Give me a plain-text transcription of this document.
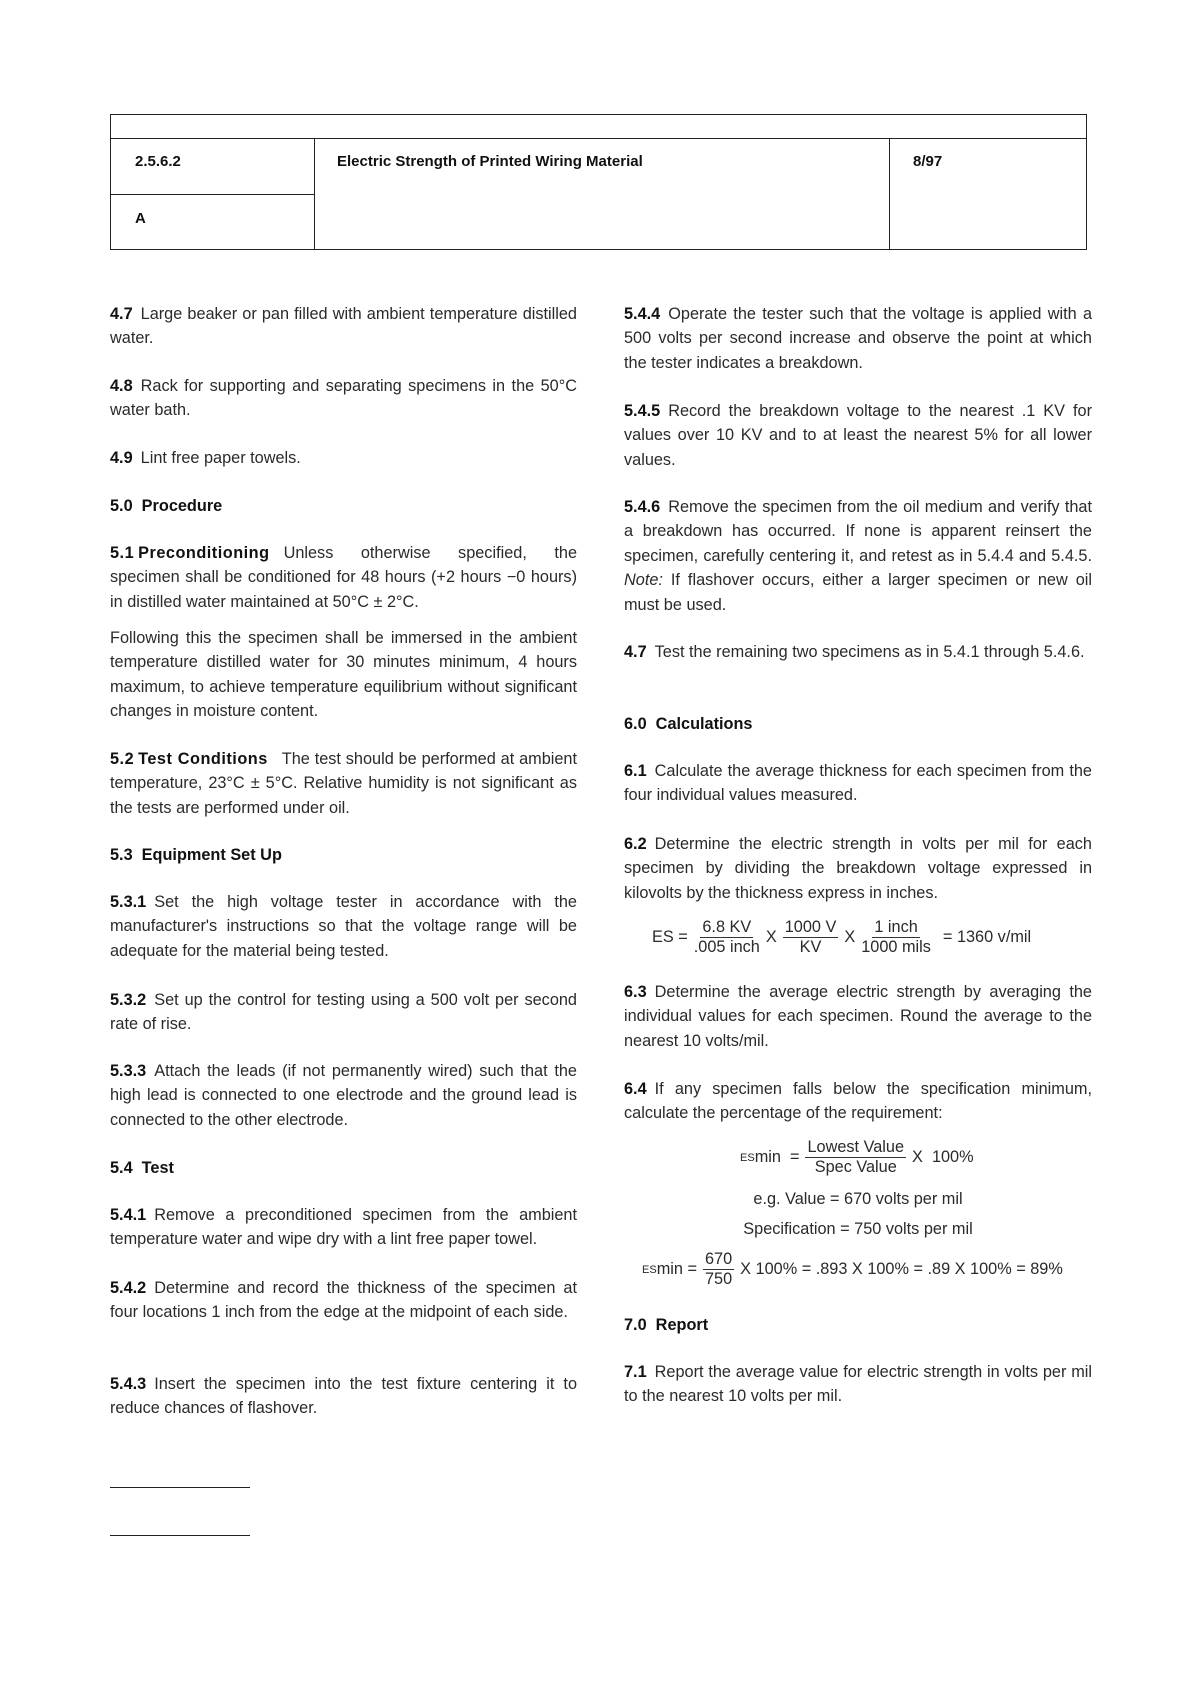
2.5.6.2	Electric Strength of Printed Wiring Material	8/97
A
4.7 Large beaker or pan filled with ambient temperature distilled water.
4.8 Rack for supporting and separating specimens in the 50°C water bath.
4.9 Lint free paper towels.
5.0  Procedure
5.1 Preconditioning Unless otherwise specified, the specimen shall be conditioned for 48 hours (+2 hours −0 hours) in distilled water maintained at 50°C ± 2°C.
Following this the specimen shall be immersed in the ambient temperature distilled water for 30 minutes minimum, 4 hours maximum, to achieve temperature equilibrium without significant changes in moisture content.
5.2 Test Conditions The test should be performed at ambient temperature, 23°C ± 5°C. Relative humidity is not significant as the tests are performed under oil.
5.3  Equipment Set Up
5.3.1 Set the high voltage tester in accordance with the manufacturer's instructions so that the voltage range will be adequate for the material being tested.
5.3.2 Set up the control for testing using a 500 volt per second rate of rise.
5.3.3 Attach the leads (if not permanently wired) such that the high lead is connected to one electrode and the ground lead is connected to the other electrode.
5.4  Test
5.4.1 Remove a preconditioned specimen from the ambient temperature water and wipe dry with a lint free paper towel.
5.4.2 Determine and record the thickness of the specimen at four locations 1 inch from the edge at the midpoint of each side.
5.4.3 Insert the specimen into the test fixture centering it to reduce chances of flashover.
5.4.4 Operate the tester such that the voltage is applied with a 500 volts per second increase and observe the point at which the tester indicates a breakdown.
5.4.5 Record the breakdown voltage to the nearest .1 KV for values over 10 KV and to at least the nearest 5% for all lower values.
5.4.6 Remove the specimen from the oil medium and verify that a breakdown has occurred. If none is apparent reinsert the specimen, carefully centering it, and retest as in 5.4.4 and 5.4.5. Note: If flashover occurs, either a larger specimen or new oil must be used.
4.7 Test the remaining two specimens as in 5.4.1 through 5.4.6.
6.0  Calculations
6.1 Calculate the average thickness for each specimen from the four individual values measured.
6.2 Determine the electric strength in volts per mil for each specimen by dividing the breakdown voltage expressed in kilovolts by the thickness express in inches.
ES = $\frac{6.8 KV}{\text{.005 inch}}$ X $\frac{1000 V}{KV}$ X $\frac{\text{1 inch}}{\text{1000 mils}} = 1360$ v/mil
6.3 Determine the average electric strength by averaging the individual values for each specimen. Round the average to the nearest 10 volts/mil.
6.4 If any specimen falls below the specification minimum, calculate the percentage of the requirement:
ES $\min = \frac{\text{Lowest Value}}{\text{Spec Value}}$ X  100%
e.g. Value = 670 volts per mil
Specification = 750 volts per mil
ES $\min = \frac{670}{750}$ X 100% = .893 X 100% = .89 X 100% = 89%
7.0  Report
7.1 Report the average value for electric strength in volts per mil to the nearest 10 volts per mil.
